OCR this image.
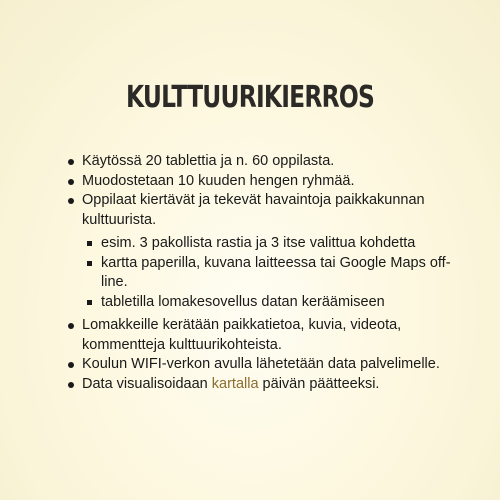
KULTTUURIKIERROS
Käytössä 20 tablettia ja n. 60 oppilasta.
Muodostetaan 10 kuuden hengen ryhmää.
Oppilaat kiertävät ja tekevät havaintoja paikkakunnan kulttuurista.
esim. 3 pakollista rastia ja 3 itse valittua kohdetta
kartta paperilla, kuvana laitteessa tai Google Maps off-line.
tabletilla lomakesovellus datan keräämiseen
Lomakkeille kerätään paikkatietoa, kuvia, videota, kommentteja kulttuurikohteista.
Koulun WIFI-verkon avulla lähetetään data palvelimelle.
Data visualisoidaan kartalla päivän päätteeksi.
